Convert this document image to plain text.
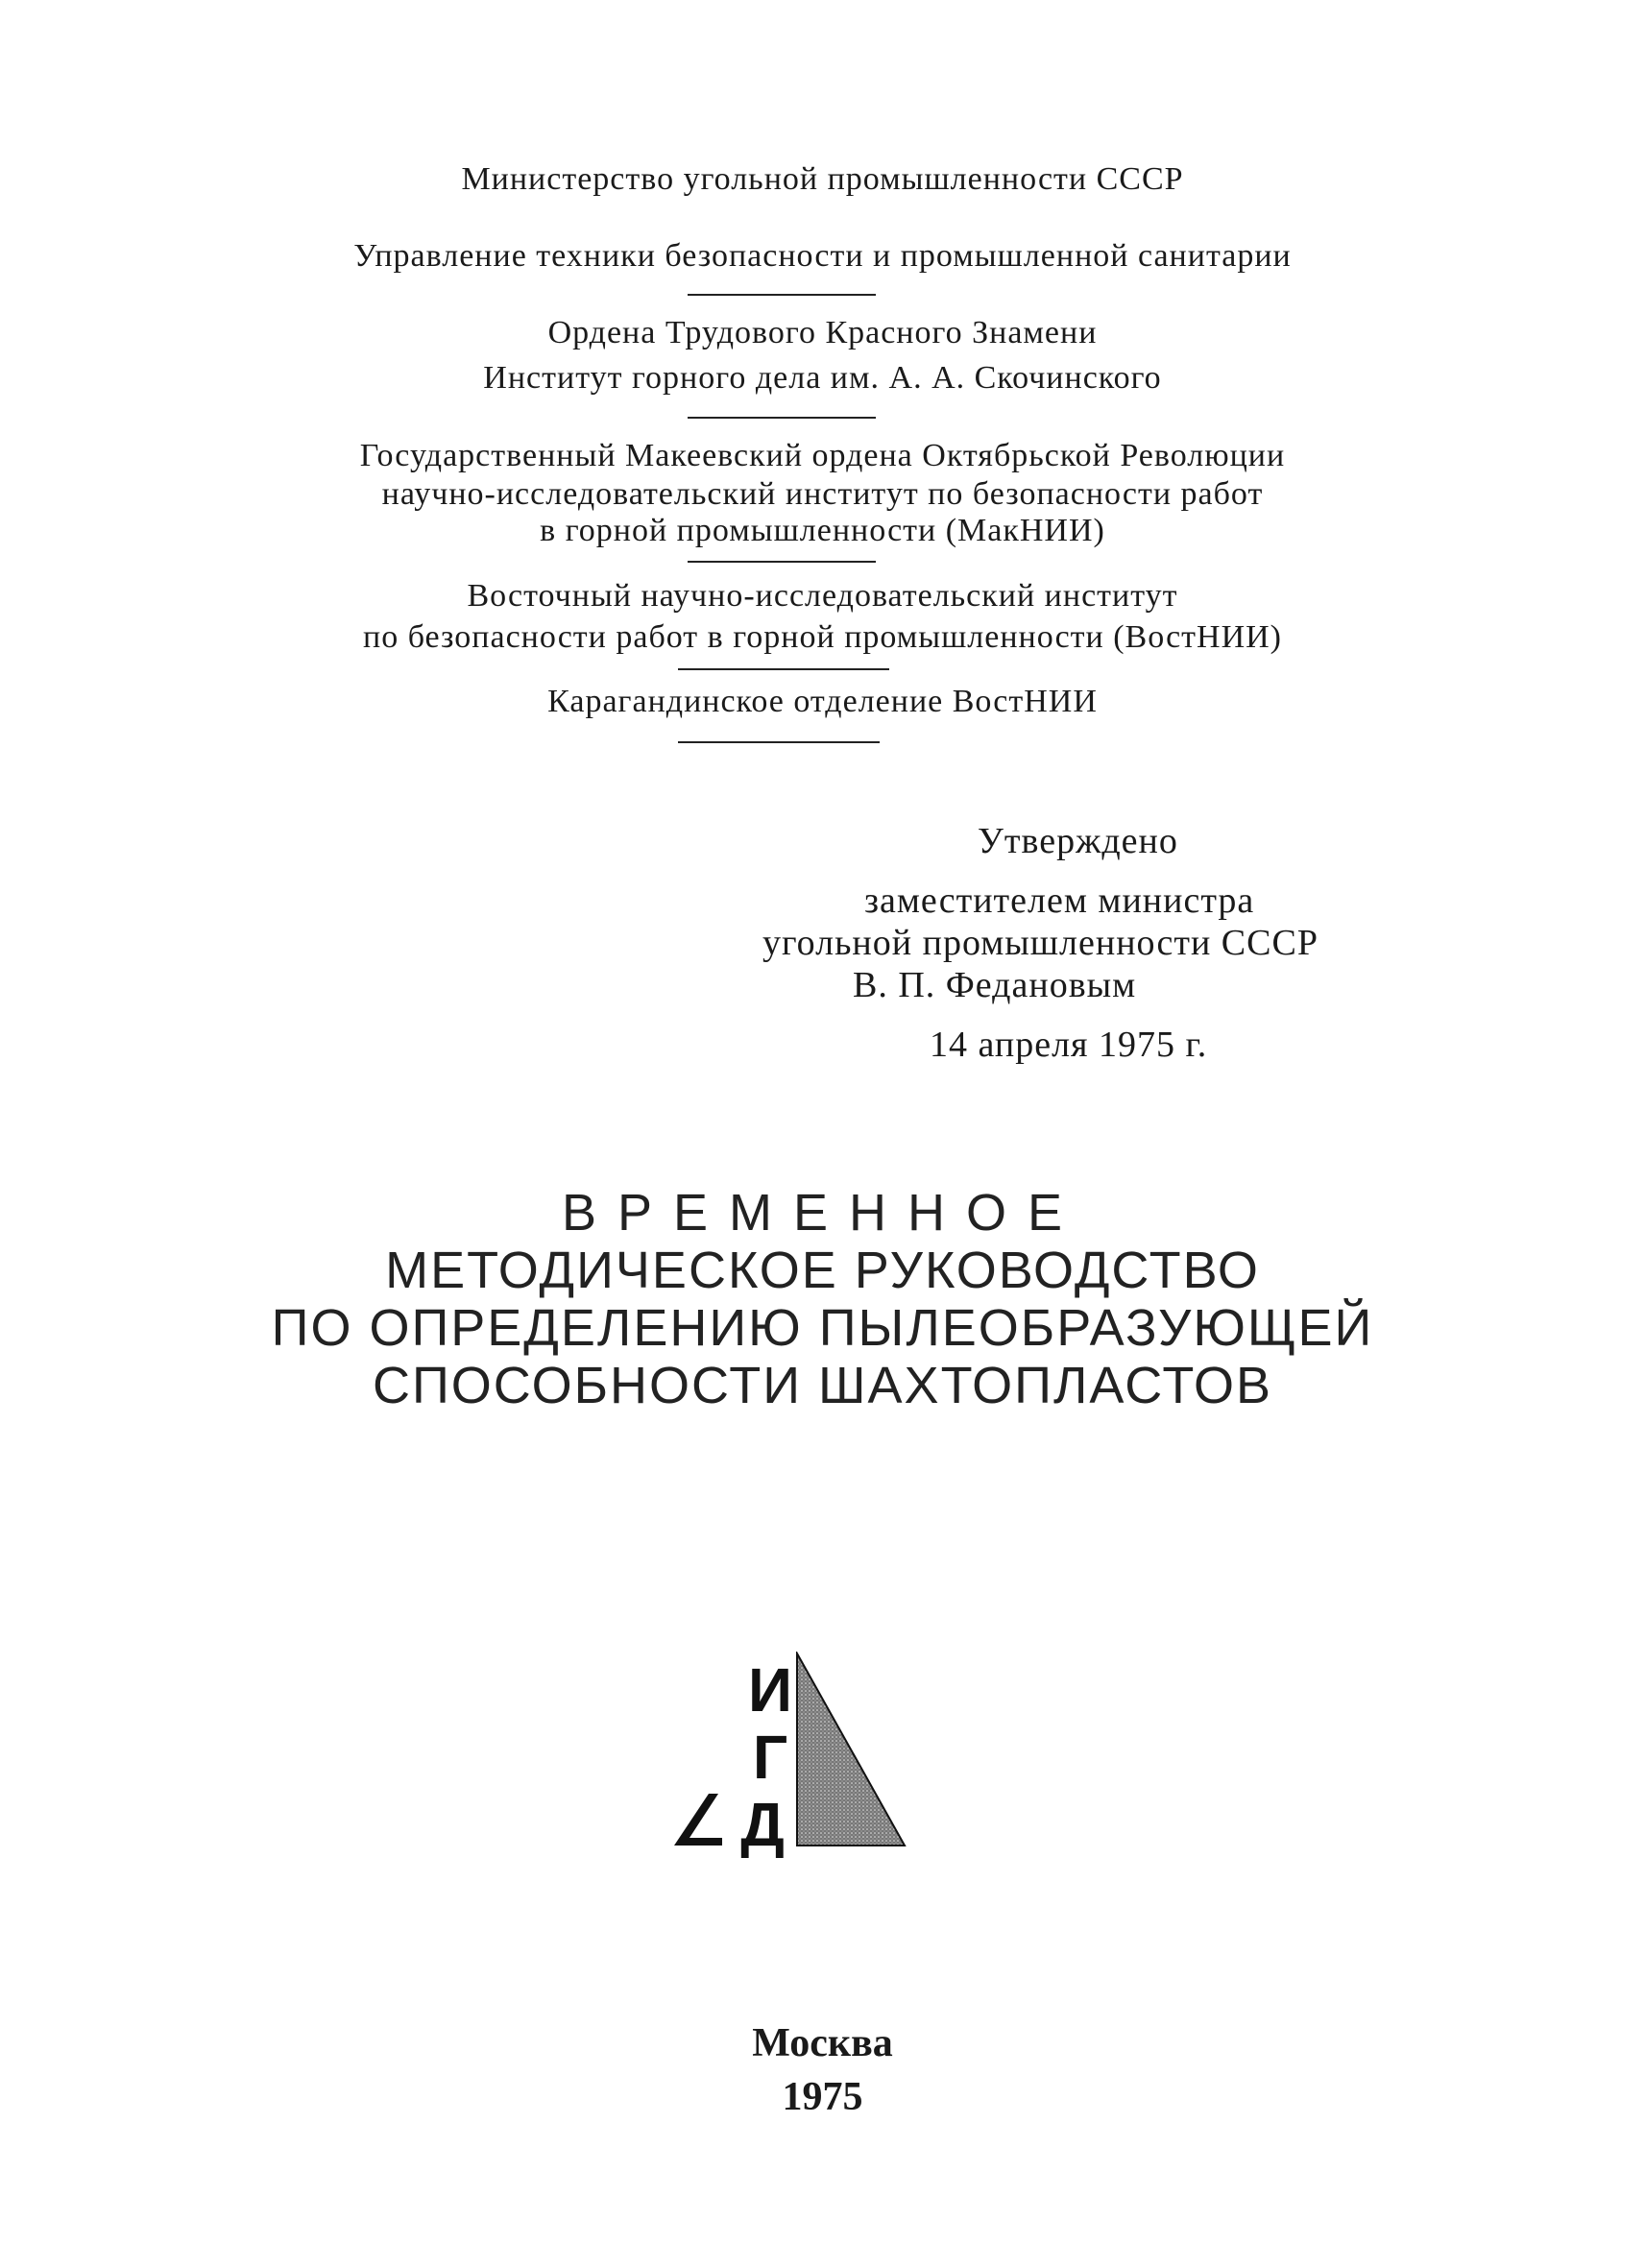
Министерство угольной промышленности СССР
Управление техники безопасности и промышленной санитарии
Ордена Трудового Красного Знамени
Институт горного дела им. А. А. Скочинского
Государственный Макеевский ордена Октябрьской Революции
научно-исследовательский институт по безопасности работ
в горной промышленности (МакНИИ)
Восточный научно-исследовательский институт
по безопасности работ в горной промышленности (ВостНИИ)
Карагандинское отделение ВостНИИ
Утверждено
заместителем министра
угольной промышленности СССР
В. П. Федановым
14 апреля 1975 г.
ВРЕМЕННОЕ
МЕТОДИЧЕСКОЕ РУКОВОДСТВО
ПО ОПРЕДЕЛЕНИЮ ПЫЛЕОБРАЗУЮЩЕЙ
СПОСОБНОСТИ ШАХТОПЛАСТОВ
И
Г
Д
Москва
1975
